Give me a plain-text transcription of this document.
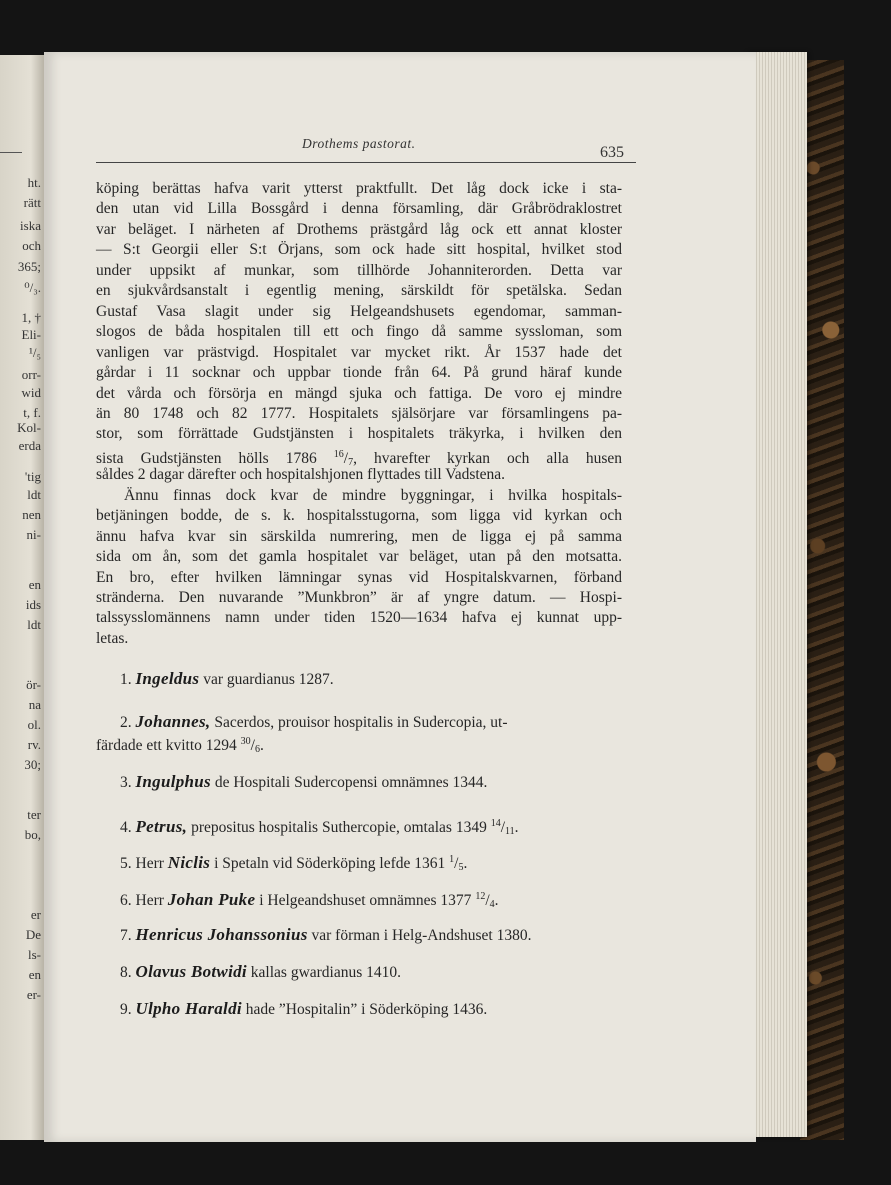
ht.
rätt
iska
och
365;
⁰/₃.
1, †
Eli-
¹/₅
orr-
wid
t, f.
Kol-
erda
'tig
ldt
nen
ni-
en
ids
ldt
ör-
na
ol.
rv.
30;
ter
bo,
er
De
ls-
en
er-
Drothems pastorat.
635
köping berättas hafva varit ytterst praktfullt. Det låg dock icke i sta-
den utan vid Lilla Bossgård i denna församling, där Gråbrödraklostret
var beläget. I närheten af Drothems prästgård låg ock ett annat kloster
— S:t Georgii eller S:t Örjans, som ock hade sitt hospital, hvilket stod
under uppsikt af munkar, som tillhörde Johanniterorden. Detta var
en sjukvårdsanstalt i egentlig mening, särskildt för spetälska. Sedan
Gustaf Vasa slagit under sig Helgeandshusets egendomar, samman-
slogos de båda hospitalen till ett och fingo då samme syssloman, som
vanligen var prästvigd. Hospitalet var mycket rikt. År 1537 hade det
gårdar i 11 socknar och uppbar tionde från 64. På grund häraf kunde
det vårda och försörja en mängd sjuka och fattiga. De voro ej mindre
än 80 1748 och 82 1777. Hospitalets själsörjare var församlingens pa-
stor, som förrättade Gudstjänsten i hospitalets träkyrka, i hvilken den
sista Gudstjänsten hölls 1786 $^{16}/_7$, hvarefter kyrkan och alla husen
såldes 2 dagar därefter och hospitalshjonen flyttades till Vadstena.
Ännu finnas dock kvar de mindre byggningar, i hvilka hospitals-
betjäningen bodde, de s. k. hospitalsstugorna, som ligga vid kyrkan och
ännu hafva kvar sin särskilda numrering, men de ligga ej på samma
sida om ån, som det gamla hospitalet var beläget, utan på den motsatta.
En bro, efter hvilken lämningar synas vid Hospitalskvarnen, förband
stränderna. Den nuvarande ”Munkbron” är af yngre datum. — Hospi-
talssysslomännens namn under tiden 1520—1634 hafva ej kunnat upp-
letas.
1. Ingeldus var guardianus 1287.
2. Johannes, Sacerdos, prouisor hospitalis in Sudercopia, ut-
färdade ett kvitto 1294 $^{30}/_6$.
3. Ingulphus de Hospitali Sudercopensi omnämnes 1344.
4. Petrus, prepositus hospitalis Suthercopie, omtalas 1349 $^{14}/_{11}$.
5. Herr Niclis i Spetaln vid Söderköping lefde 1361 $^1/_5$.
6. Herr Johan Puke i Helgeandshuset omnämnes 1377 $^{12}/_4$.
7. Henricus Johanssonius var förman i Helg-Andshuset 1380.
8. Olavus Botwidi kallas gwardianus 1410.
9. Ulpho Haraldi hade ”Hospitalin” i Söderköping 1436.
